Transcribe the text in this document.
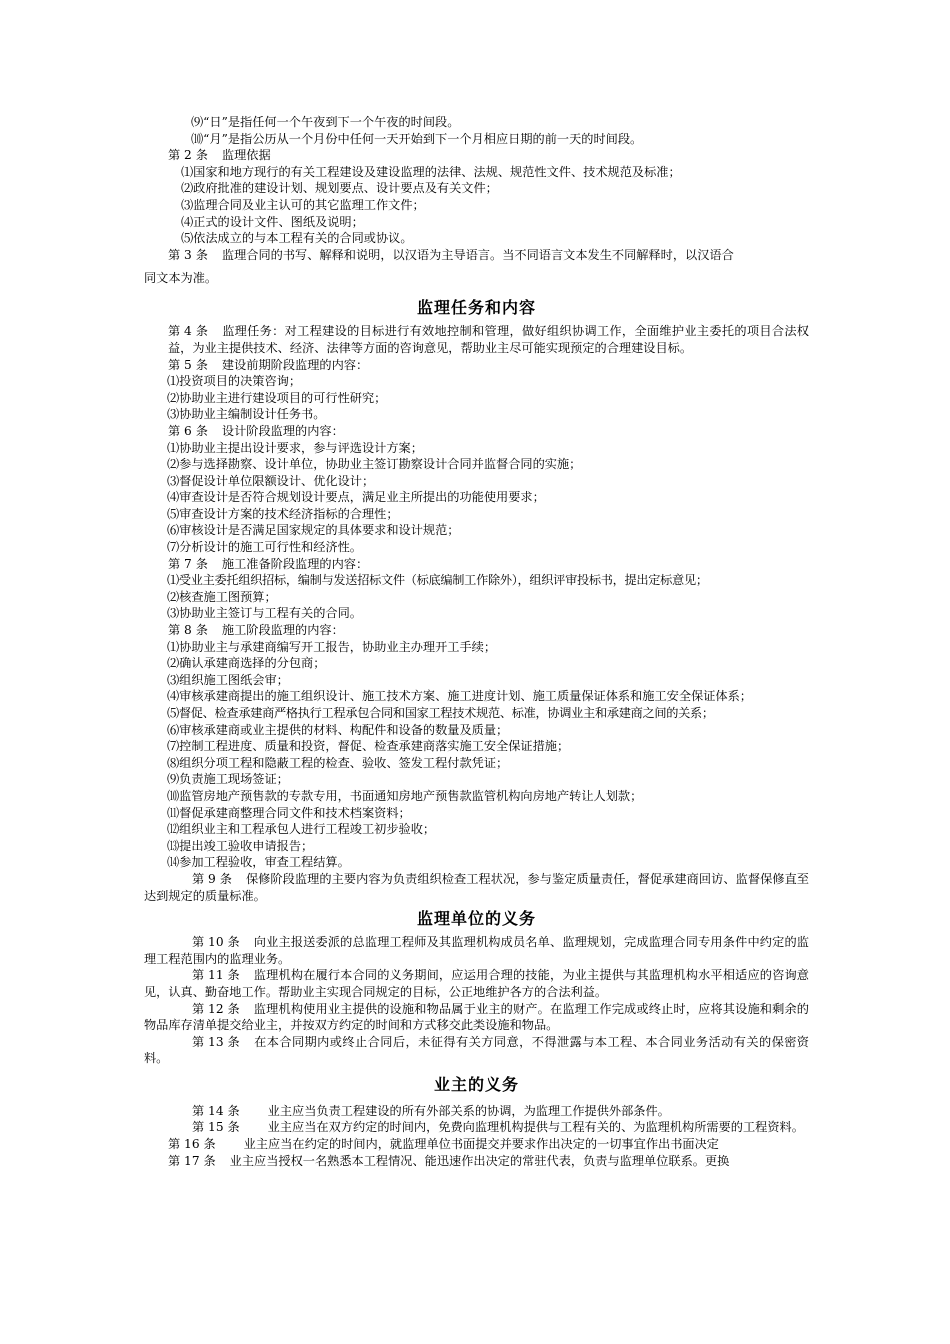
⑼“日”是指任何一个午夜到下一个午夜的时间段。
⑽“月”是指公历从一个月份中任何一天开始到下一个月相应日期的前一天的时间段。
第 2 条 监理依据
⑴国家和地方现行的有关工程建设及建设监理的法律、法规、规范性文件、技术规范及标准；
⑵政府批准的建设计划、规划要点、设计要点及有关文件；
⑶监理合同及业主认可的其它监理工作文件；
⑷正式的设计文件、图纸及说明；
⑸依法成立的与本工程有关的合同或协议。
第 3 条 监理合同的书写、解释和说明，以汉语为主导语言。当不同语言文本发生不同解释时，以汉语合
同文本为准。
监理任务和内容
第 4 条 监理任务：对工程建设的目标进行有效地控制和管理，做好组织协调工作，全面维护业主委托的项目合法权益，为业主提供技术、经济、法律等方面的咨询意见，帮助业主尽可能实现预定的合理建设目标。
第 5 条 建设前期阶段监理的内容：
⑴投资项目的决策咨询；
⑵协助业主进行建设项目的可行性研究；
⑶协助业主编制设计任务书。
第 6 条 设计阶段监理的内容：
⑴协助业主提出设计要求，参与评选设计方案；
⑵参与选择勘察、设计单位，协助业主签订勘察设计合同并监督合同的实施；
⑶督促设计单位限额设计、优化设计；
⑷审查设计是否符合规划设计要点，满足业主所提出的功能使用要求；
⑸审查设计方案的技术经济指标的合理性；
⑹审核设计是否满足国家规定的具体要求和设计规范；
⑺分析设计的施工可行性和经济性。
第 7 条 施工准备阶段监理的内容：
⑴受业主委托组织招标，编制与发送招标文件（标底编制工作除外），组织评审投标书，提出定标意见；
⑵核查施工图预算；
⑶协助业主签订与工程有关的合同。
第 8 条 施工阶段监理的内容：
⑴协助业主与承建商编写开工报告，协助业主办理开工手续；
⑵确认承建商选择的分包商；
⑶组织施工图纸会审；
⑷审核承建商提出的施工组织设计、施工技术方案、施工进度计划、施工质量保证体系和施工安全保证体系；
⑸督促、检查承建商严格执行工程承包合同和国家工程技术规范、标准，协调业主和承建商之间的关系；
⑹审核承建商或业主提供的材料、构配件和设备的数量及质量；
⑺控制工程进度、质量和投资，督促、检查承建商落实施工安全保证措施；
⑻组织分项工程和隐蔽工程的检查、验收、签发工程付款凭证；
⑼负责施工现场签证；
⑽监管房地产预售款的专款专用，书面通知房地产预售款监管机构向房地产转让人划款；
⑾督促承建商整理合同文件和技术档案资料；
⑿组织业主和工程承包人进行工程竣工初步验收；
⒀提出竣工验收申请报告；
⒁参加工程验收，审查工程结算。
第 9 条 保修阶段监理的主要内容为负责组织检查工程状况，参与鉴定质量责任，督促承建商回访、监督保修直至达到规定的质量标准。
监理单位的义务
第 10 条 向业主报送委派的总监理工程师及其监理机构成员名单、监理规划，完成监理合同专用条件中约定的监理工程范围内的监理业务。
第 11 条 监理机构在履行本合同的义务期间，应运用合理的技能，为业主提供与其监理机构水平相适应的咨询意见，认真、勤奋地工作。帮助业主实现合同规定的目标，公正地维护各方的合法利益。
第 12 条 监理机构使用业主提供的设施和物品属于业主的财产。在监理工作完成或终止时，应将其设施和剩余的物品库存清单提交给业主，并按双方约定的时间和方式移交此类设施和物品。
第 13 条 在本合同期内或终止合同后，未征得有关方同意，不得泄露与本工程、本合同业务活动有关的保密资料。
业主的义务
第 14 条 业主应当负责工程建设的所有外部关系的协调，为监理工作提供外部条件。
第 15 条 业主应当在双方约定的时间内，免费向监理机构提供与工程有关的、为监理机构所需要的工程资料。
第 16 条 业主应当在约定的时间内，就监理单位书面提交并要求作出决定的一切事宜作出书面决定
第 17 条 业主应当授权一名熟悉本工程情况、能迅速作出决定的常驻代表，负责与监理单位联系。更换
